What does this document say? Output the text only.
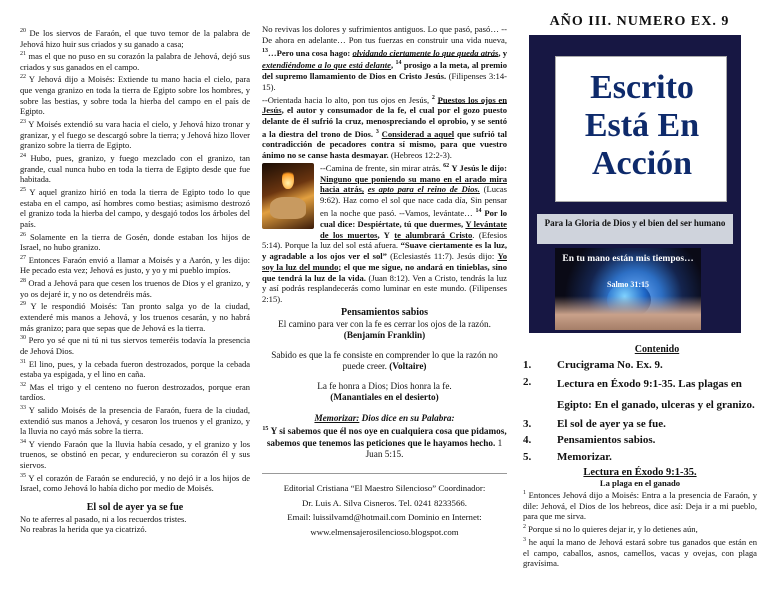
$^{20}$ De los siervos de Faraón, el que tuvo temor de la palabra de Jehová hizo huir sus criados y su ganado a casa;

$^{21}$ mas el que no puso en su corazón la palabra de Jehová, dejó sus criados y sus ganados en el campo.

$^{22}$ Y Jehová dijo a Moisés: Extiende tu mano hacia el cielo, para que venga granizo en toda la tierra de Egipto sobre los hombres, y sobre las bestias, y sobre toda la hierba del campo en el país de Egipto.

$^{23}$ Y Moisés extendió su vara hacia el cielo, y Jehová hizo tronar y granizar, y el fuego se descargó sobre la tierra; y Jehová hizo llover granizo sobre la tierra de Egipto.

$^{24}$ Hubo, pues, granizo, y fuego mezclado con el granizo, tan grande, cual nunca hubo en toda la tierra de Egipto desde que fue habitada.

$^{25}$ Y aquel granizo hirió en toda la tierra de Egipto todo lo que estaba en el campo, así hombres como bestias; asimismo destrozó el granizo toda la hierba del campo, y desgajó todos los árboles del país.

$^{26}$ Solamente en la tierra de Gosén, donde estaban los hijos de Israel, no hubo granizo.

$^{27}$ Entonces Faraón envió a llamar a Moisés y a Aarón, y les dijo: He pecado esta vez; Jehová es justo, y yo y mi pueblo impíos.

$^{28}$ Orad a Jehová para que cesen los truenos de Dios y el granizo, y yo os dejaré ir, y no os detendréis más.

$^{29}$ Y le respondió Moisés: Tan pronto salga yo de la ciudad, extenderé mis manos a Jehová, y los truenos cesarán, y no habrá más granizo; para que sepas que de Jehová es la tierra.

$^{30}$ Pero yo sé que ni tú ni tus siervos temeréis todavía la presencia de Jehová Dios.

$^{31}$ El lino, pues, y la cebada fueron destrozados, porque la cebada estaba ya espigada, y el lino en caña.

$^{32}$ Mas el trigo y el centeno no fueron destrozados, porque eran tardíos.

$^{33}$ Y salido Moisés de la presencia de Faraón, fuera de la ciudad, extendió sus manos a Jehová, y cesaron los truenos y el granizo, y la lluvia no cayó más sobre la tierra.

$^{34}$ Y viendo Faraón que la lluvia había cesado, y el granizo y los truenos, se obstinó en pecar, y endurecieron su corazón él y sus siervos.

$^{35}$ Y el corazón de Faraón se endureció, y no dejó ir a los hijos de Israel, como Jehová lo había dicho por medio de Moisés.

El sol de ayer ya se fue

No te aferres al pasado, ni a los recuerdos tristes.

No reabras la herida que ya cicatrizó.

No revivas los dolores y sufrimientos antiguos. Lo que pasó, pasó… --De ahora en adelante… Pon tus fuerzas en construir una vida nueva, $^{13}$…Pero una cosa hago: olvidando ciertamente lo que queda atrás, y extendiéndome a lo que está delante, $^{14}$ prosigo a la meta, al premio del supremo llamamiento de Dios en Cristo Jesús. (Filipenses 3:14-15).

--Orientada hacia lo alto, pon tus ojos en Jesús, $^2$ Puestos los ojos en Jesús, el autor y consumador de la fe, el cual por el gozo puesto delante de él sufrió la cruz, menospreciando el oprobio, y se sentó a la diestra del trono de Dios. $^3$ Considerad a aquel que sufrió tal contradicción de pecadores contra sí mismo, para que vuestro ánimo no se canse hasta desmayar. (Hebreos 12:2-3).

--Camina de frente, sin mirar atrás. $^{62}$ Y Jesús le dijo: Ninguno que poniendo su mano en el arado mira hacia atrás, es apto para el reino de Dios. (Lucas 9:62). Haz como el sol que nace cada día, Sin pensar en la noche que pasó. --Vamos, levántate… $^{14}$ Por lo cual dice: Despiértate, tú que duermes, Y levántate de los muertos, Y te alumbrará Cristo. (Efesios 5:14). Porque la luz del sol está afuera. “Suave ciertamente es la luz, y agradable a los ojos ver el sol” (Eclesiastés 11:7). Jesús dijo: Yo soy la luz del mundo; el que me sigue, no andará en tinieblas, sino que tendrá la luz de la vida. (Juan 8:12). Ven a Cristo, tendrás la luz y así podrás resplandecerás como luminar en este mundo. (Filipenses 2:15).

Pensamientos sabios

El camino para ver con la fe es cerrar los ojos de la razón. (Benjamín Franklin)

Sabido es que la fe consiste en comprender lo que la razón no puede creer. (Voltaire)

La fe honra a Dios; Dios honra la fe.
(Manantiales en el desierto)

Memorizar: Dios dice en su Palabra:
$^{15}$ Y si sabemos que él nos oye en cualquiera cosa que pidamos, sabemos que tenemos las peticiones que le hayamos hecho. 1 Juan 5:15.

Editorial Cristiana “El Maestro Silencioso” Coordinador:
Dr. Luis A. Silva Cisneros. Tel. 0241 8233566.
Email: luissilvamd@hotmail.com Dominio en Internet:
www.elmensajerosilencioso.blogspot.com
AÑO III. NUMERO EX. 9
Escrito
Está En
Acción
Para la Gloria de Dios y el bien del ser humano
En tu mano están mis tiempos…
Salmo 31:15
Contenido
1.	Crucigrama No. Ex. 9.
2.	Lectura en Éxodo 9:1-35. Las plagas en Egipto: En el ganado, ulceras y el granizo.
3.	El sol de ayer ya se fue.
4.	Pensamientos sabios.
5.	Memorizar.
Lectura en Éxodo 9:1-35.
La plaga en el ganado

$^1$ Entonces Jehová dijo a Moisés: Entra a la presencia de Faraón, y dile: Jehová, el Dios de los hebreos, dice así: Deja ir a mi pueblo, para que me sirva.

$^2$ Porque si no lo quieres dejar ir, y lo detienes aún,

$^3$ he aquí la mano de Jehová estará sobre tus ganados que están en el campo, caballos, asnos, camellos, vacas y ovejas, con plaga gravísima.
